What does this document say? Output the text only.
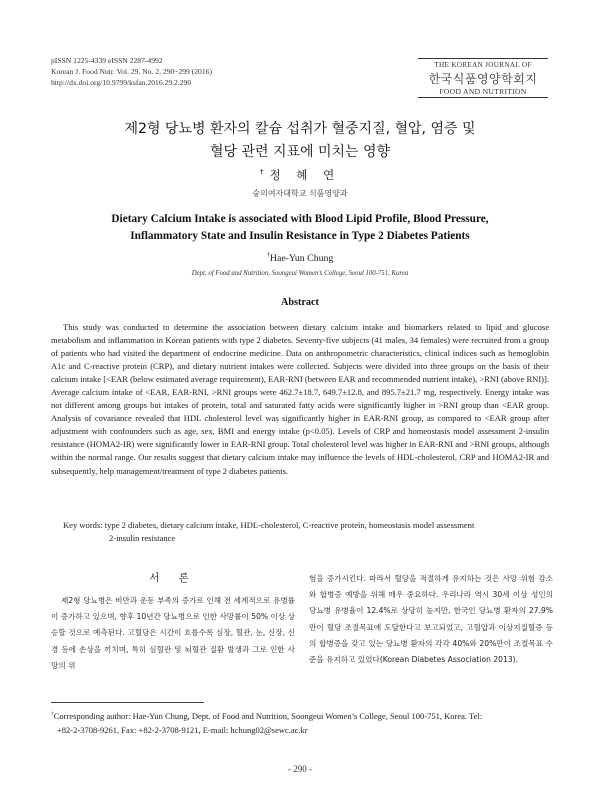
pISSN 1225-4339 eISSN 2287-4992
Korean J. Food Nutr. Vol. 29. No. 2, 290~299 (2016)
http://dx.doi.org/10.9799/ksfan.2016.29.2.290
THE KOREAN JOURNAL OF
한국식품영양학회지
FOOD AND NUTRITION
제2형 당뇨병 환자의 칼슘 섭취가 혈중지질, 혈압, 염증 및
혈당 관련 지표에 미치는 영향
†정 혜 연
숭의여자대학교 식품영양과
Dietary Calcium Intake is associated with Blood Lipid Profile, Blood Pressure,
Inflammatory State and Insulin Resistance in Type 2 Diabetes Patients
†Hae-Yun Chung
Dept. of Food and Nutrition, Soongeui Women’s College, Seoul 100-751, Korea
Abstract
This study was conducted to determine the association between dietary calcium intake and biomarkers related to lipid and glucose metabolism and inflammation in Korean patients with type 2 diabetes. Seventy-five subjects (41 males, 34 females) were recruited from a group of patients who had visited the department of endocrine medicine. Data on anthropometric characteristics, clinical indices such as hemoglobin A1c and C-reactive protein (CRP), and dietary nutrient intakes were collected. Subjects were divided into three groups on the basis of their calcium intake [<EAR (below estimated average requirement), EAR-RNI (between EAR and recommended nutrient intake), >RNI (above RNI)]. Average calcium intake of <EAR, EAR-RNI, >RNI groups were 462.7±18.7, 649.7±12.8, and 895.7±21.7 mg, respectively. Energy intake was not different among groups but intakes of protein, total and saturated fatty acids were significantly higher in >RNI group than <EAR group. Analysis of covariance revealed that HDL cholesterol level was significantly higher in EAR-RNI group, as compared to <EAR group after adjustment with confounders such as age, sex, BMI and energy intake (p<0.05). Levels of CRP and homeostasis model assessment 2-insulin resistance (HOMA2-IR) were significantly lower in EAR-RNI group. Total cholesterol level was higher in EAR-RNI and >RNI groups, although within the normal range. Our results suggest that dietary calcium intake may influence the levels of HDL-cholesterol, CRP and HOMA2-IR and subsequently, help management/treatment of type 2 diabetes patients.
Key words: type 2 diabetes, dietary calcium intake, HDL-cholesterol, C-reactive protein, homeostasis model assessment
2-insulin resistance
서 론
제2형 당뇨병은 비만과 운동 부족의 증가로 인해 전 세계적으로 유병률이 증가하고 있으며, 향후 10년간 당뇨병으로 인한 사망률이 50% 이상 상승할 것으로 예측된다. 고혈당은 시간이 흐를수록 심장, 혈관, 눈, 신장, 신경 등에 손상을 끼치며, 특히 심혈관 및 뇌혈관 질환 발생과 그로 인한 사망의 위
험을 증가시킨다. 따라서 혈당을 적절하게 유지하는 것은 사망 위험 감소와 합병증 예방을 위해 매우 중요하다. 우리나라 역시 30세 이상 성인의 당뇨병 유병율이 12.4%로 상당히 높지만, 한국인 당뇨병 환자의 27.9%만이 혈당 조절목표에 도달한다고 보고되었고, 고혈압과 이상지질혈증 등의 합병증을 갖고 있는 당뇨병 환자의 각각 40%와 20%만이 조절목표 수준을 유지하고 있었다(Korean Diabetes Association 2013).
†Corresponding author: Hae-Yun Chung, Dept. of Food and Nutrition, Soongeui Women’s College, Seoul 100-751, Korea. Tel:
+82-2-3708-9261, Fax: +82-2-3708-9121, E-mail: hchung02@sewc.ac.kr
- 290 -
